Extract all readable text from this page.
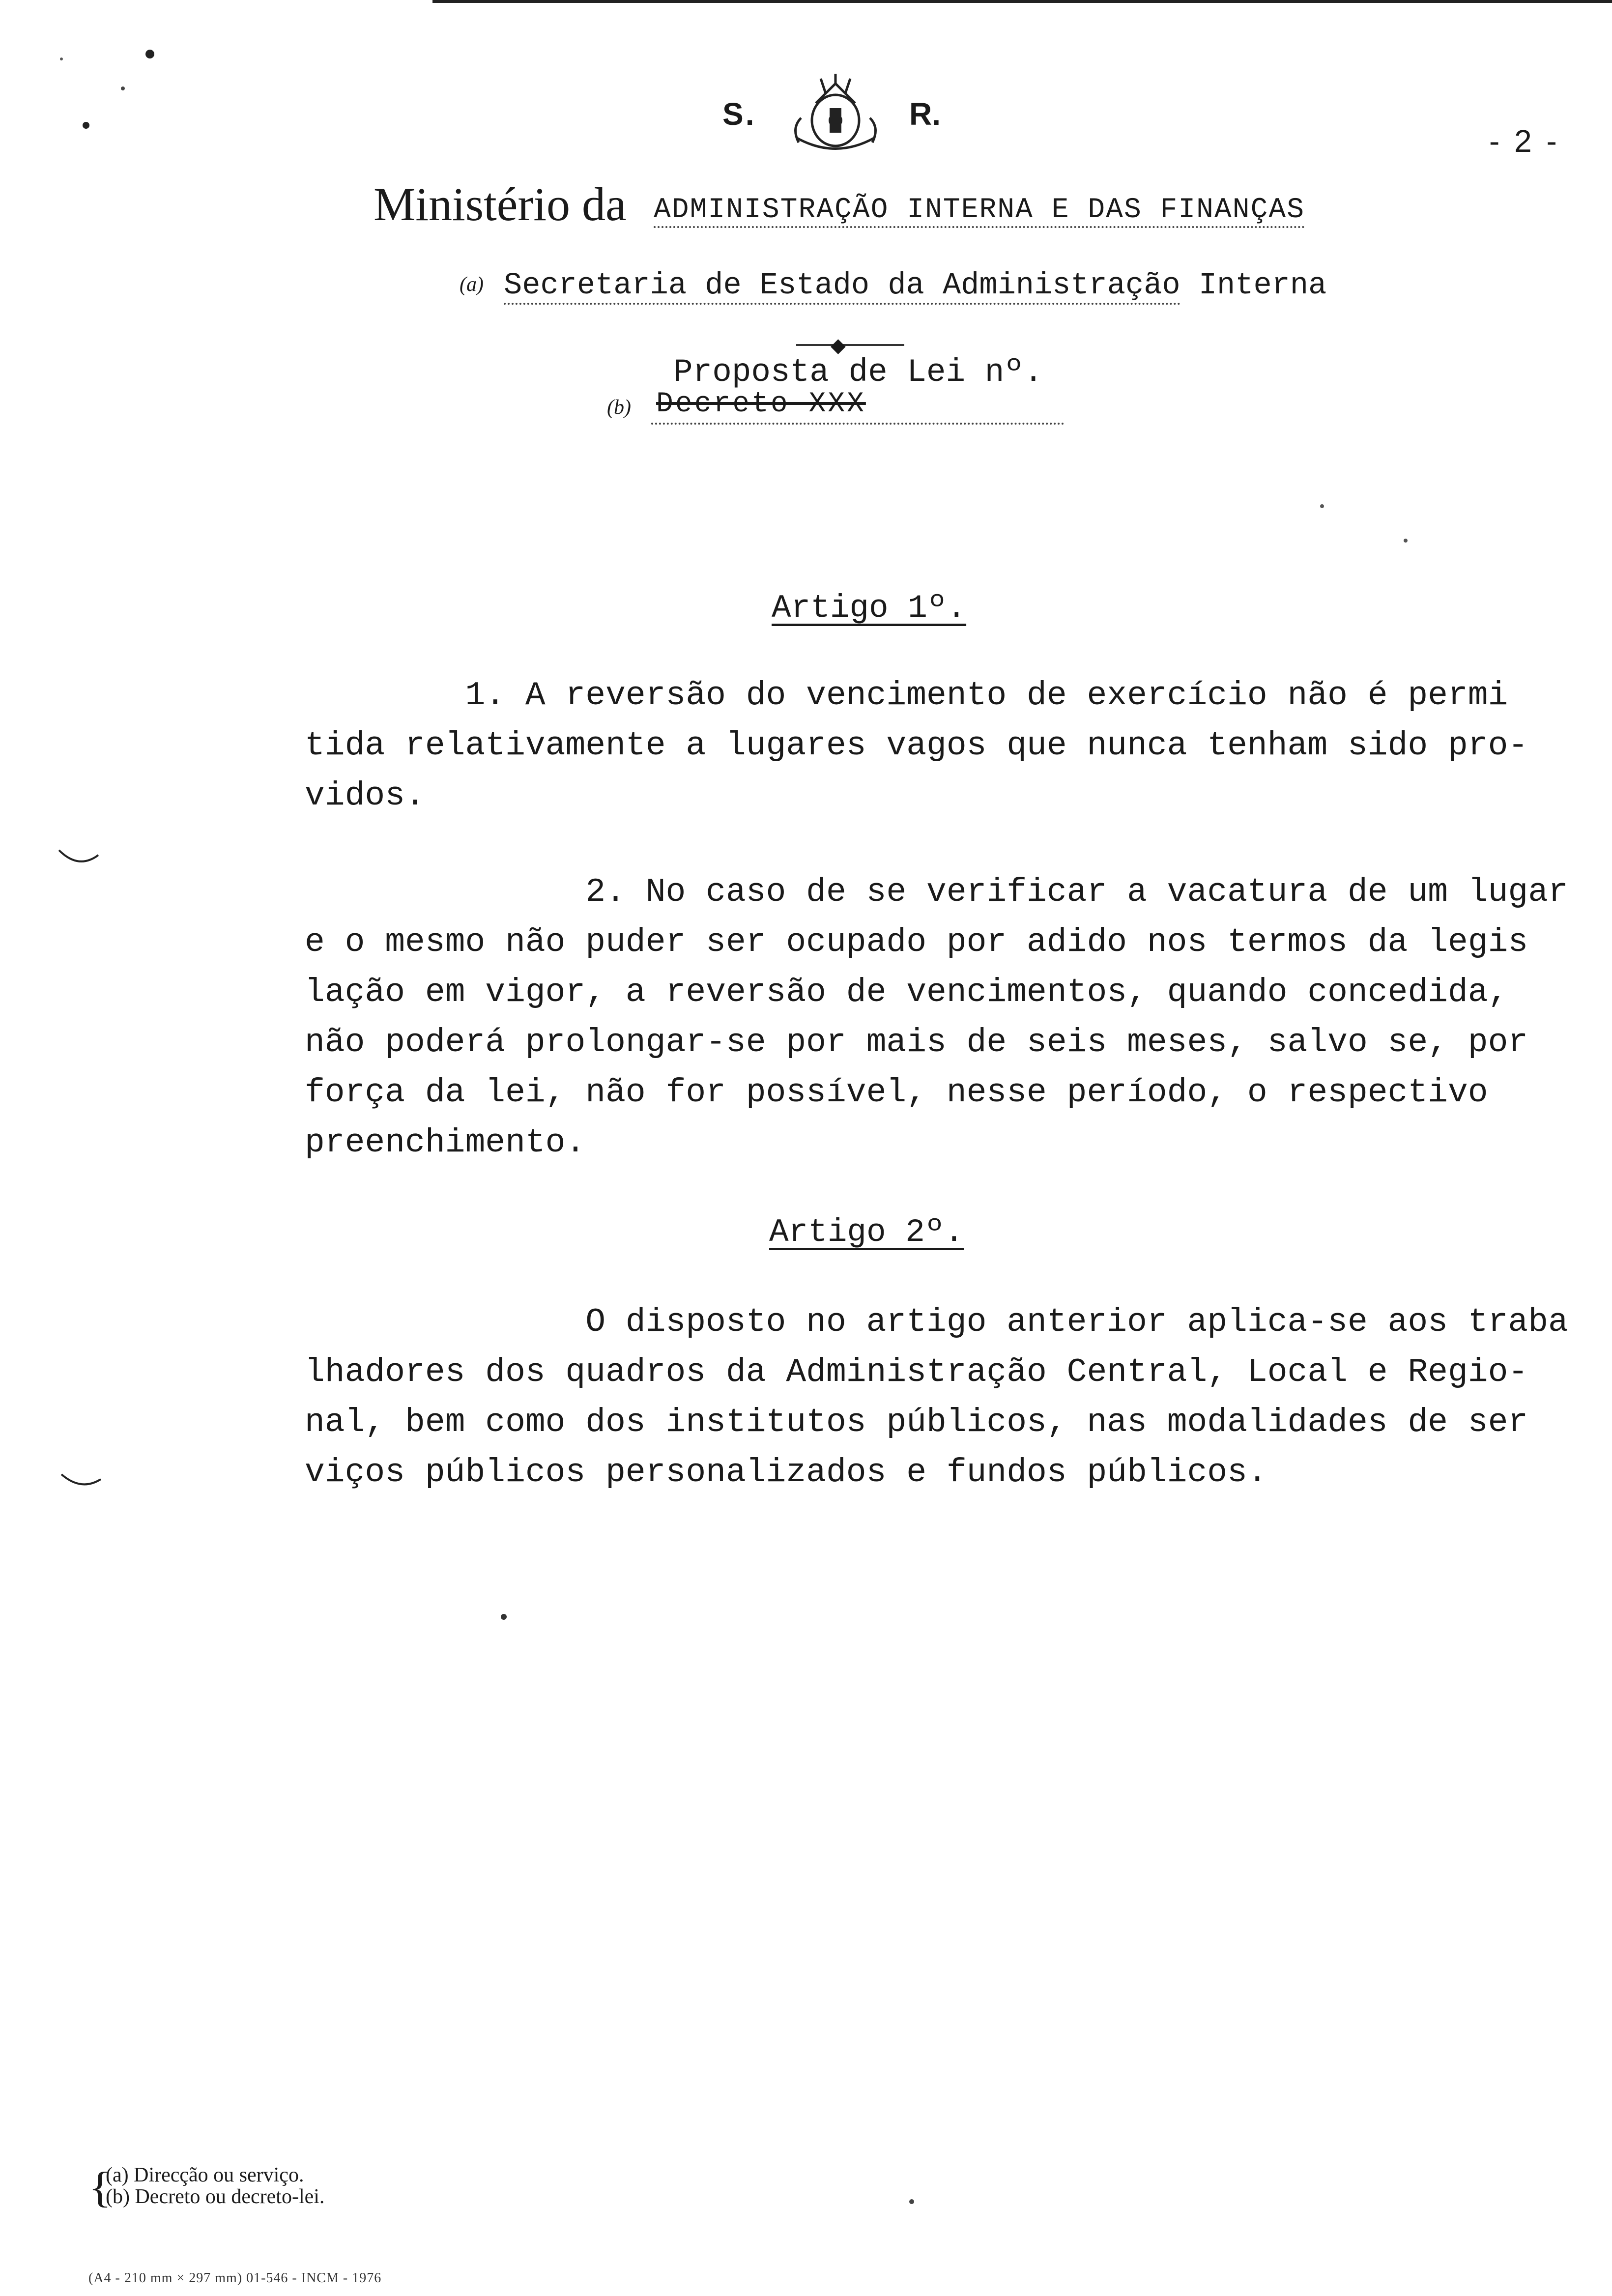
S.	R.
- 2 -
Ministério da ADMINISTRAÇÃO INTERNA E DAS FINANÇAS
(a) Secretaria de Estado da Administração Interna
◆
Proposta de Lei nº.
(b) Decreto XXX
Artigo 1º.
1. A reversão do vencimento de exercício não é permi
tida relativamente a lugares vagos que nunca tenham sido pro-
vidos.
2. No caso de se verificar a vacatura de um lugar
e o mesmo não puder ser ocupado por adido nos termos da legis
lação em vigor, a reversão de vencimentos, quando concedida,
não poderá prolongar-se por mais de seis meses, salvo se, por
força da lei, não for possível, nesse período, o respectivo
preenchimento.
Artigo 2º.
O disposto no artigo anterior aplica-se aos traba
lhadores dos quadros da Administração Central, Local e Regio-
nal, bem como dos institutos públicos, nas modalidades de ser
viços públicos personalizados e fundos públicos.
{
(a) Direcção ou serviço.
(b) Decreto ou decreto-lei.
(A4 - 210 mm × 297 mm) 01-546 - INCM - 1976
